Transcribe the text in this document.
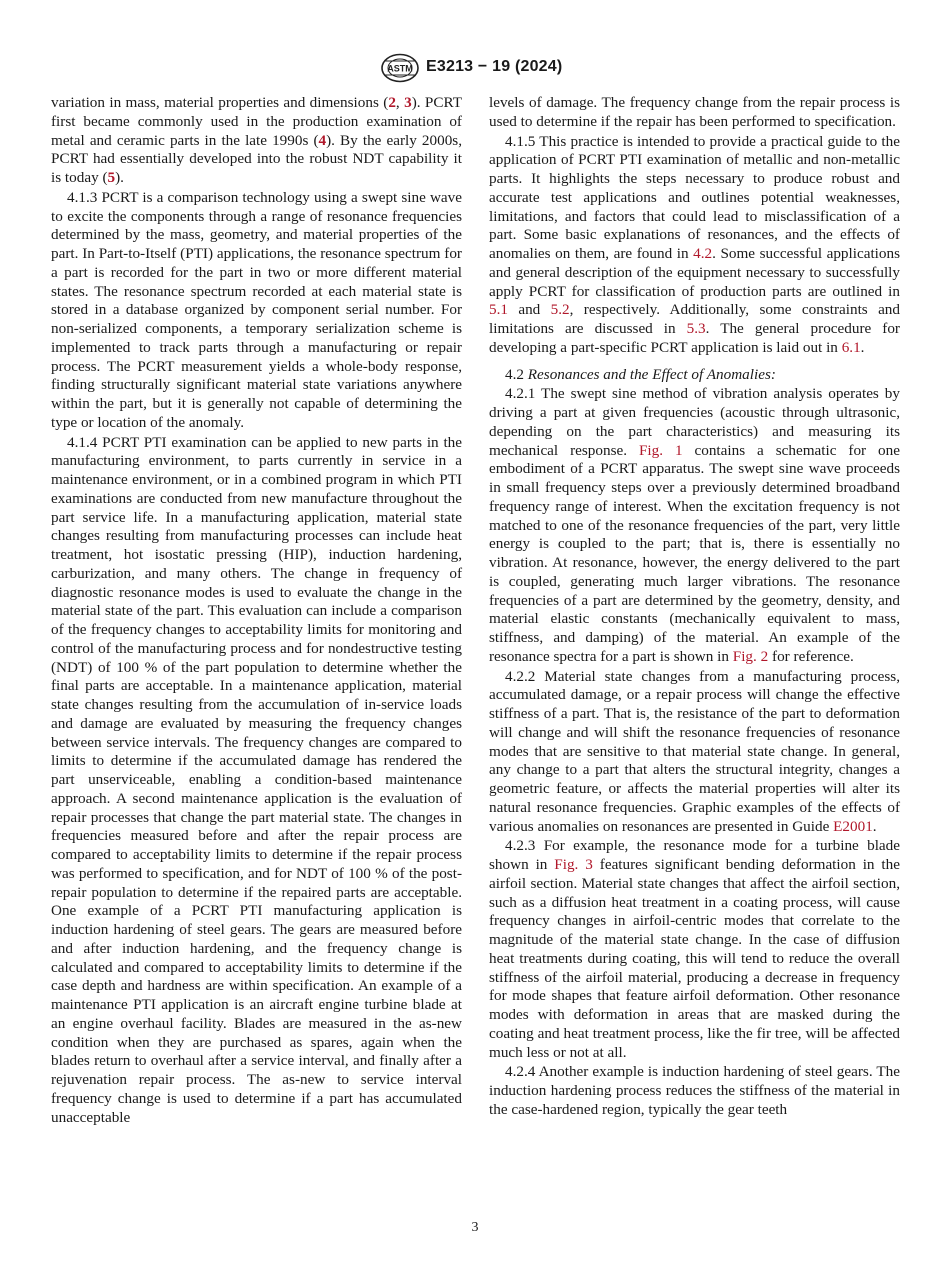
ASTM E3213 − 19 (2024)

variation in mass, material properties and dimensions (2, 3). PCRT first became commonly used in the production examination of metal and ceramic parts in the late 1990s (4). By the early 2000s, PCRT had essentially developed into the robust NDT capability it is today (5).

4.1.3 PCRT is a comparison technology using a swept sine wave to excite the components through a range of resonance frequencies determined by the mass, geometry, and material properties of the part. In Part-to-Itself (PTI) applications, the resonance spectrum for a part is recorded for the part in two or more different material states. The resonance spectrum recorded at each material state is stored in a database organized by component serial number. For non-serialized components, a temporary serialization scheme is implemented to track parts through a manufacturing or repair process. The PCRT measurement yields a whole-body response, finding structurally significant material state variations anywhere within the part, but it is generally not capable of determining the type or location of the anomaly.

4.1.4 PCRT PTI examination can be applied to new parts in the manufacturing environment, to parts currently in service in a maintenance environment, or in a combined program in which PTI examinations are conducted from new manufacture throughout the part service life. In a manufacturing application, material state changes resulting from manufacturing processes can include heat treatment, hot isostatic pressing (HIP), induction hardening, carburization, and many others. The change in frequency of diagnostic resonance modes is used to evaluate the change in the material state of the part. This evaluation can include a comparison of the frequency changes to acceptability limits for monitoring and control of the manufacturing process and for nondestructive testing (NDT) of 100 % of the part population to determine whether the final parts are acceptable. In a maintenance application, material state changes resulting from the accumulation of in-service loads and damage are evaluated by measuring the frequency changes between service intervals. The frequency changes are compared to limits to determine if the accumulated damage has rendered the part unserviceable, enabling a condition-based maintenance approach. A second maintenance application is the evaluation of repair processes that change the part material state. The changes in frequencies measured before and after the repair process are compared to acceptability limits to determine if the repair process was performed to specification, and for NDT of 100 % of the post-repair population to determine if the repaired parts are acceptable. One example of a PCRT PTI manufacturing application is induction hardening of steel gears. The gears are measured before and after induction hardening, and the frequency change is calculated and compared to acceptability limits to determine if the case depth and hardness are within specification. An example of a maintenance PTI application is an aircraft engine turbine blade at an engine overhaul facility. Blades are measured in the as-new condition when they are purchased as spares, again when the blades return to overhaul after a service interval, and finally after a rejuvenation repair process. The as-new to service interval frequency change is used to determine if a part has accumulated unacceptable

levels of damage. The frequency change from the repair process is used to determine if the repair has been performed to specification.

4.1.5 This practice is intended to provide a practical guide to the application of PCRT PTI examination of metallic and non-metallic parts. It highlights the steps necessary to produce robust and accurate test applications and outlines potential weaknesses, limitations, and factors that could lead to misclassification of a part. Some basic explanations of resonances, and the effects of anomalies on them, are found in 4.2. Some successful applications and general description of the equipment necessary to successfully apply PCRT for classification of production parts are outlined in 5.1 and 5.2, respectively. Additionally, some constraints and limitations are discussed in 5.3. The general procedure for developing a part-specific PCRT application is laid out in 6.1.

4.2 Resonances and the Effect of Anomalies:

4.2.1 The swept sine method of vibration analysis operates by driving a part at given frequencies (acoustic through ultrasonic, depending on the part characteristics) and measuring its mechanical response. Fig. 1 contains a schematic for one embodiment of a PCRT apparatus. The swept sine wave proceeds in small frequency steps over a previously determined broadband frequency range of interest. When the excitation frequency is not matched to one of the resonance frequencies of the part, very little energy is coupled to the part; that is, there is essentially no vibration. At resonance, however, the energy delivered to the part is coupled, generating much larger vibrations. The resonance frequencies of a part are determined by the geometry, density, and material elastic constants (mechanically equivalent to mass, stiffness, and damping) of the material. An example of the resonance spectra for a part is shown in Fig. 2 for reference.

4.2.2 Material state changes from a manufacturing process, accumulated damage, or a repair process will change the effective stiffness of a part. That is, the resistance of the part to deformation will change and will shift the resonance frequencies of resonance modes that are sensitive to that material state change. In general, any change to a part that alters the structural integrity, changes a geometric feature, or affects the material properties will alter its natural resonance frequencies. Graphic examples of the effects of various anomalies on resonances are presented in Guide E2001.

4.2.3 For example, the resonance mode for a turbine blade shown in Fig. 3 features significant bending deformation in the airfoil section. Material state changes that affect the airfoil section, such as a diffusion heat treatment in a coating process, will cause frequency changes in airfoil-centric modes that correlate to the magnitude of the material state change. In the case of diffusion heat treatments during coating, this will tend to reduce the overall stiffness of the airfoil material, producing a decrease in frequency for mode shapes that feature airfoil deformation. Other resonance modes with deformation in areas that are masked during the coating and heat treatment process, like the fir tree, will be affected much less or not at all.

4.2.4 Another example is induction hardening of steel gears. The induction hardening process reduces the stiffness of the material in the case-hardened region, typically the gear teeth

3
